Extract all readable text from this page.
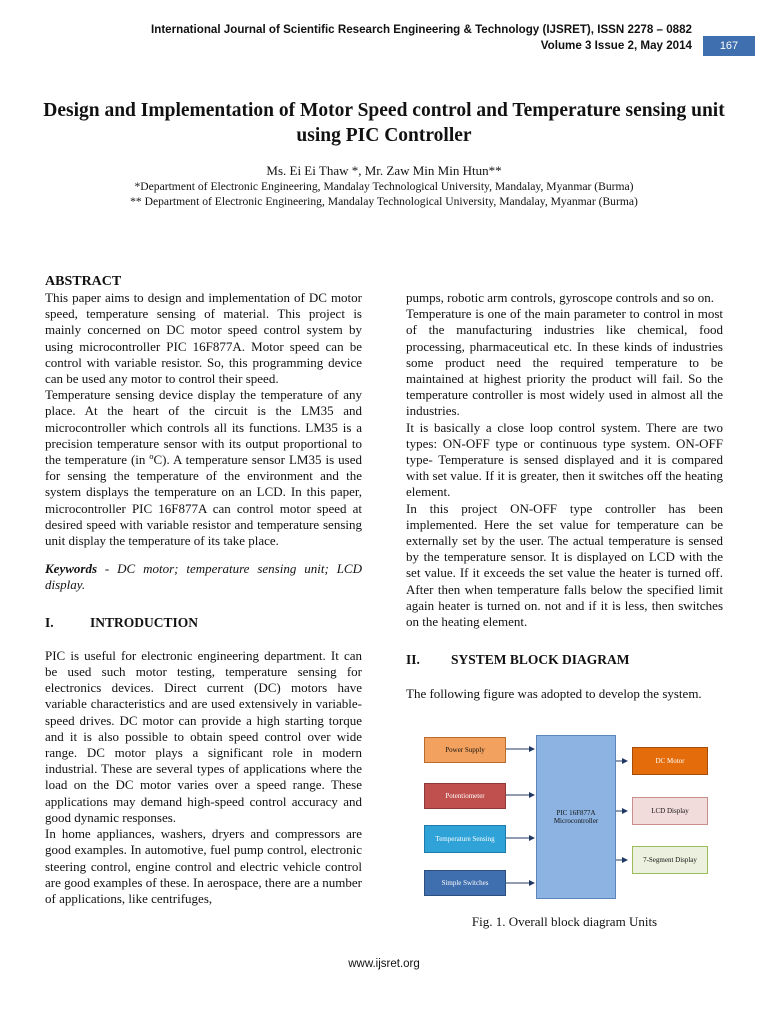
International Journal of Scientific Research Engineering & Technology (IJSRET), ISSN 2278 – 0882
Volume 3 Issue 2, May 2014	167
Design and Implementation of Motor Speed control and Temperature sensing unit using PIC Controller
Ms. Ei Ei Thaw *, Mr. Zaw Min Min Htun**
*Department of Electronic Engineering, Mandalay Technological University, Mandalay, Myanmar (Burma)
** Department of Electronic Engineering, Mandalay Technological University, Mandalay, Myanmar (Burma)

ABSTRACT

This paper aims to design and implementation of DC motor speed, temperature sensing of material. This project is mainly concerned on DC motor speed control system by using microcontroller PIC 16F877A. Motor speed can be control with variable resistor. So, this programming device can be used any motor to control their speed.

Temperature sensing device display the temperature of any place. At the heart of the circuit is the LM35 and microcontroller which controls all its functions. LM35 is a precision temperature sensor with its output proportional to the temperature (in ºC). A temperature sensor LM35 is used for sensing the temperature of the environment and the system displays the temperature on an LCD. In this paper, microcontroller PIC 16F877A can control motor speed at desired speed with variable resistor and temperature sensing unit display the temperature of its take place.

Keywords - DC motor; temperature sensing unit; LCD display.

I.	INTRODUCTION

PIC is useful for electronic engineering department. It can be used such motor testing, temperature sensing for electronics devices. Direct current (DC) motors have variable characteristics and are used extensively in variable-speed drives. DC motor can provide a high starting torque and it is also possible to obtain speed control over wide range. DC motor plays a significant role in modern industrial. These are several types of applications where the load on the DC motor varies over a speed range. These applications may demand high-speed control accuracy and good dynamic responses.

In home appliances, washers, dryers and compressors are good examples. In automotive, fuel pump control, electronic steering control, engine control and electric vehicle control are good examples of these. In aerospace, there are a number of applications, like centrifuges,

pumps, robotic arm controls, gyroscope controls and so on.

Temperature is one of the main parameter to control in most of the manufacturing industries like chemical, food processing, pharmaceutical etc. In these kinds of industries some product need the required temperature to be maintained at highest priority the product will fail. So the temperature controller is most widely used in almost all the industries.

It is basically a close loop control system. There are two types: ON-OFF type or continuous type system. ON-OFF type- Temperature is sensed displayed and it is compared with set value. If it is greater, then it switches off the heating element.

In this project ON-OFF type controller has been implemented. Here the set value for temperature can be externally set by the user. The actual temperature is sensed by the temperature sensor. It is displayed on LCD with the set value. If it exceeds the set value the heater is turned off. After then when temperature falls below the specified limit again heater is turned on. not and if it is less, then switches on the heating element.

II.	SYSTEM BLOCK DIAGRAM

The following figure was adopted to develop the system.

Power Supply
Potentiometer
Temperature Sensing
Simple Switches
PIC 16F877A
Microcontroller
DC Motor
LCD Display
7-Segment Display
Fig. 1. Overall block diagram Units
www.ijsret.org
